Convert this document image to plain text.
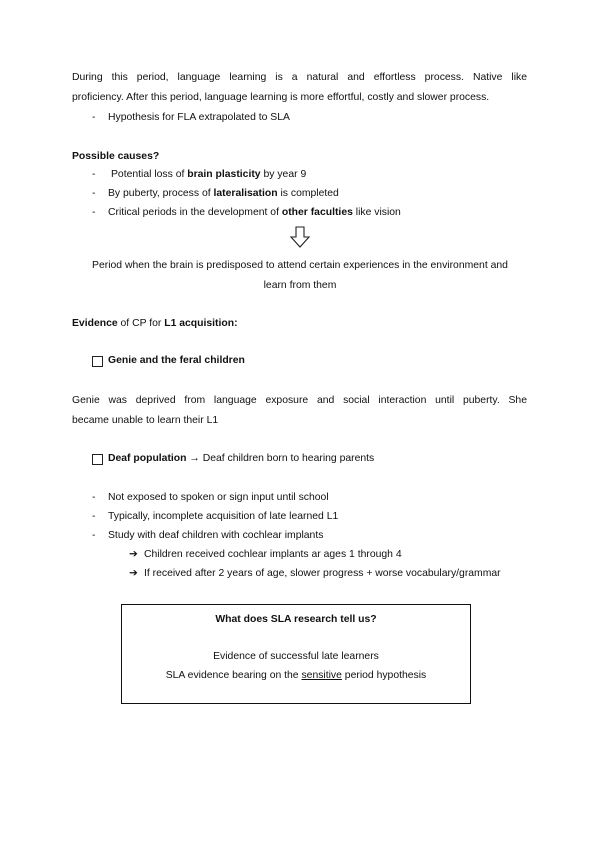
During this period, language learning is a natural and effortless process. Native like
proficiency. After this period, language learning is more effortful, costly and slower process.
- Hypothesis for FLA extrapolated to SLA
Possible causes?
- Potential loss of brain plasticity by year 9
- By puberty, process of lateralisation is completed
- Critical periods in the development of other faculties like vision
Period when the brain is predisposed to attend certain experiences in the environment and
learn from them
Evidence of CP for L1 acquisition:
Genie and the feral children
Genie was deprived from language exposure and social interaction until puberty. She
became unable to learn their L1
Deaf population → Deaf children born to hearing parents
- Not exposed to spoken or sign input until school
- Typically, incomplete acquisition of late learned L1
- Study with deaf children with cochlear implants
➔ Children received cochlear implants ar ages 1 through 4
➔ If received after 2 years of age, slower progress + worse vocabulary/grammar
What does SLA research tell us?
Evidence of successful late learners
SLA evidence bearing on the sensitive period hypothesis
